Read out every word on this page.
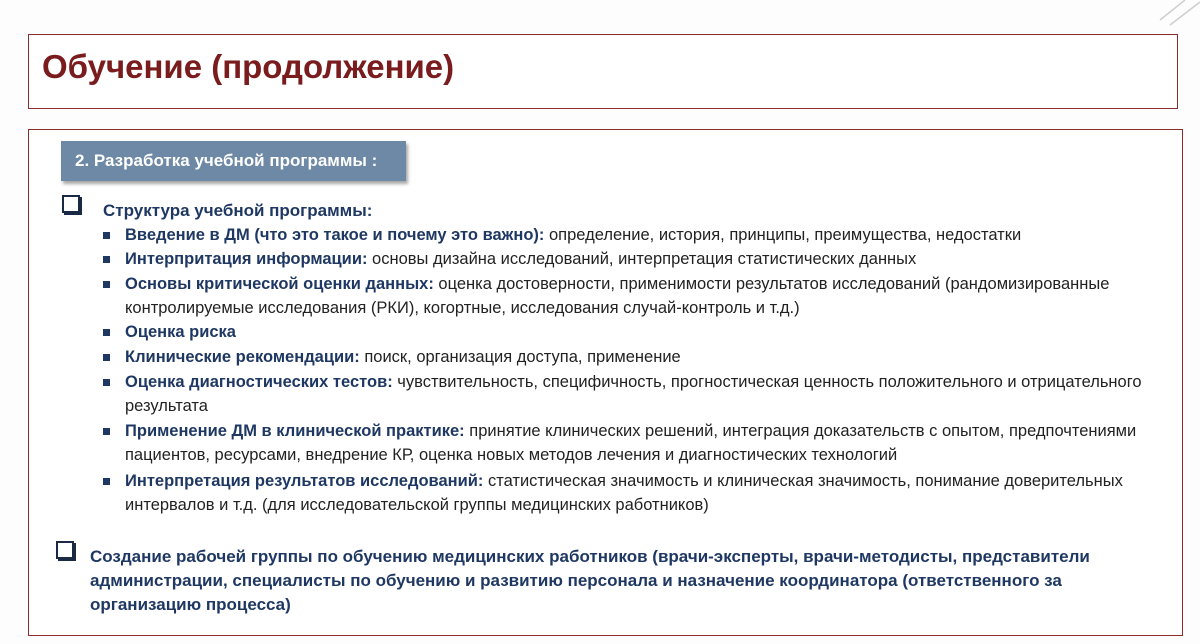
Обучение (продолжение)
2. Разработка учебной программы :
Структура учебной программы:
Введение в ДМ (что это такое и почему это важно): определение, история, принципы, преимущества, недостатки
Интерпритация информации: основы дизайна исследований, интерпретация статистических данных
Основы критической оценки данных: оценка достоверности, применимости результатов исследований (рандомизированные контролируемые исследования (РКИ), когортные, исследования случай-контроль и т.д.)
Оценка риска
Клинические рекомендации: поиск, организация доступа, применение
Оценка диагностических тестов: чувствительность, специфичность, прогностическая ценность положительного и отрицательного результата
Применение ДМ в клинической практике: принятие клинических решений, интеграция доказательств с опытом, предпочтениями пациентов, ресурсами, внедрение КР, оценка новых методов лечения и диагностических технологий
Интерпретация результатов исследований: статистическая значимость и клиническая значимость, понимание доверительных интервалов и т.д. (для исследовательской группы медицинских работников)
Создание рабочей группы по обучению медицинских работников (врачи-эксперты, врачи-методисты, представители администрации, специалисты по обучению и развитию персонала и назначение координатора (ответственного за организацию процесса)
